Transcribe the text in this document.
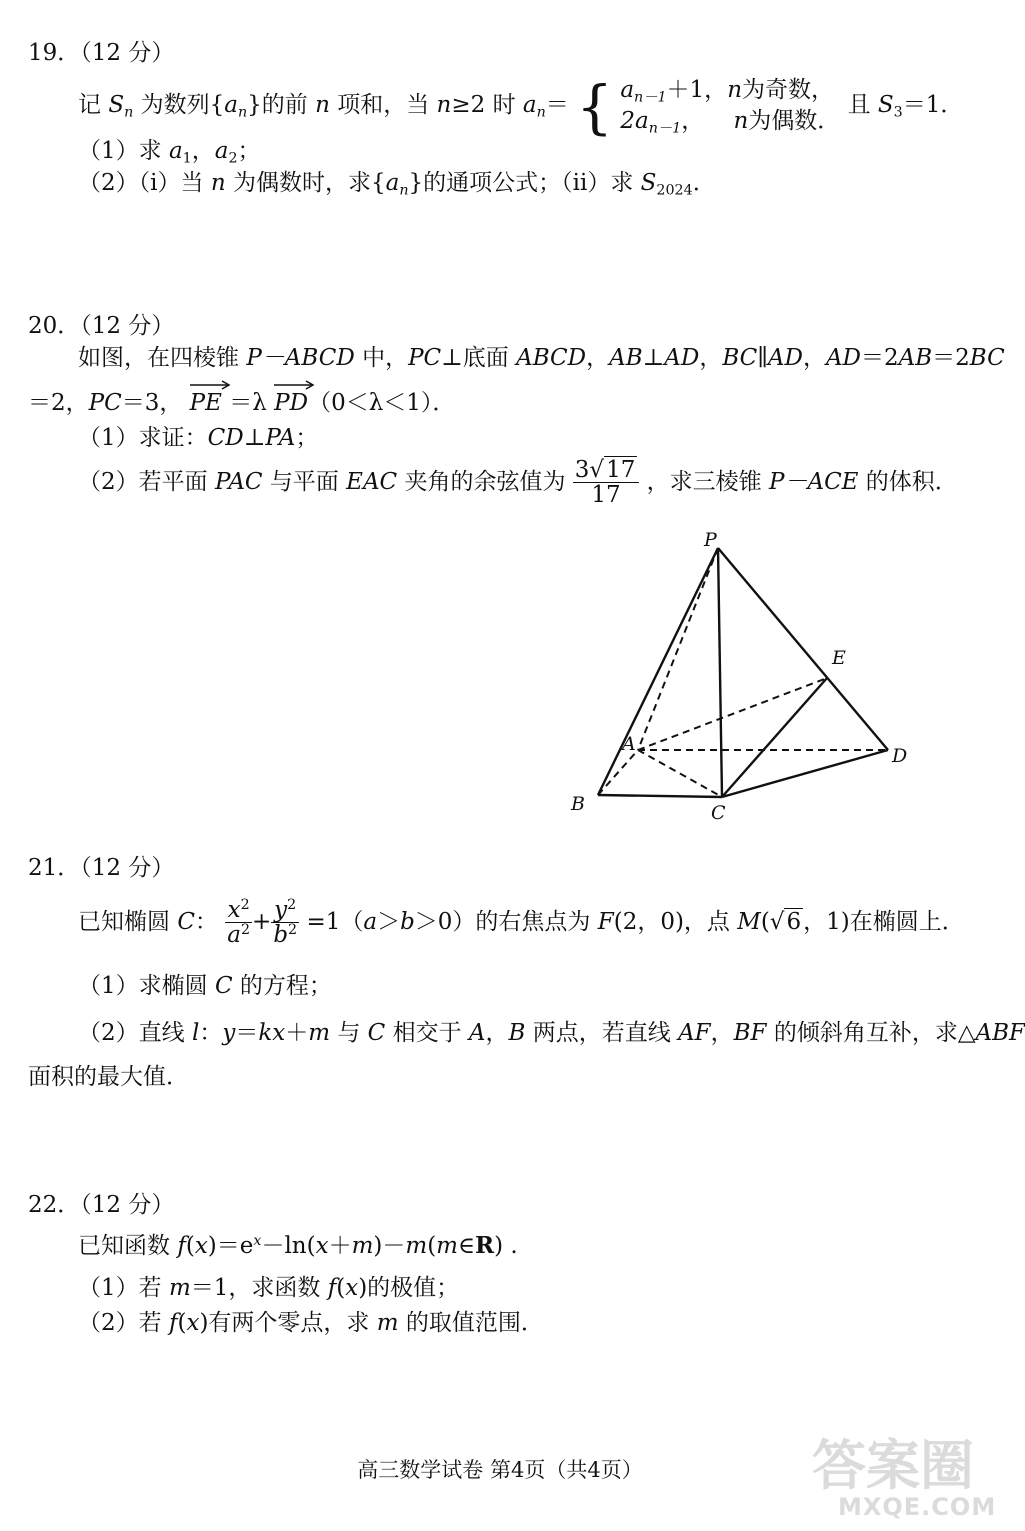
19．（12 分）
记 $S_n$ 为数列$\{a_n\}$的前 n 项和，当 n≥2 时 $a_n=$ { $a_{n-1}+1$，n为奇数，
$2a_{n-1}$， n为偶数．
且 $S_3=1$．
（1）求 $a_1$，$a_2$；
（2）（i）当 n 为偶数时，求$\{a_n\}$的通项公式；（ii）求 $S_{2024}$．
20．（12 分）
如图，在四棱锥 P－ABCD 中，PC⊥底面 ABCD，AB⊥AD，BC∥AD，AD＝2AB＝2BC
＝2，PC＝3， PE ＝λ
PD（0＜λ＜1）．
（1）求证：CD⊥PA；
（2）若平面 PAC 与平面 EAC 夹角的余弦值为 $\frac{3√17}{17}$ ，求三棱锥 P－ACE 的体积．
P
A
B	C
D
E
21．（12 分）
已知椭圆 C： $\frac{x^2}{a^2} + \frac{y^2}{b^2} =1(a>b>0)$的右焦点为 F(2，0)，点 M(√6，1)在椭圆上．
（1）求椭圆 C 的方程；
（2）直线 l：y＝kx＋m 与 C 相交于 A，B 两点，若直线 AF，BF 的倾斜角互补，求△ABF
面积的最大值．
22．（12 分）
已知函数 $f(x)=e^x-\ln(x+m)-m(m\in R)$ .
（1）若 m＝1，求函数 f(x)的极值；
（2）若 f(x)有两个零点，求 m 的取值范围．
高三数学试卷 第4页（共4页）	答案圈
MXQE.COM
